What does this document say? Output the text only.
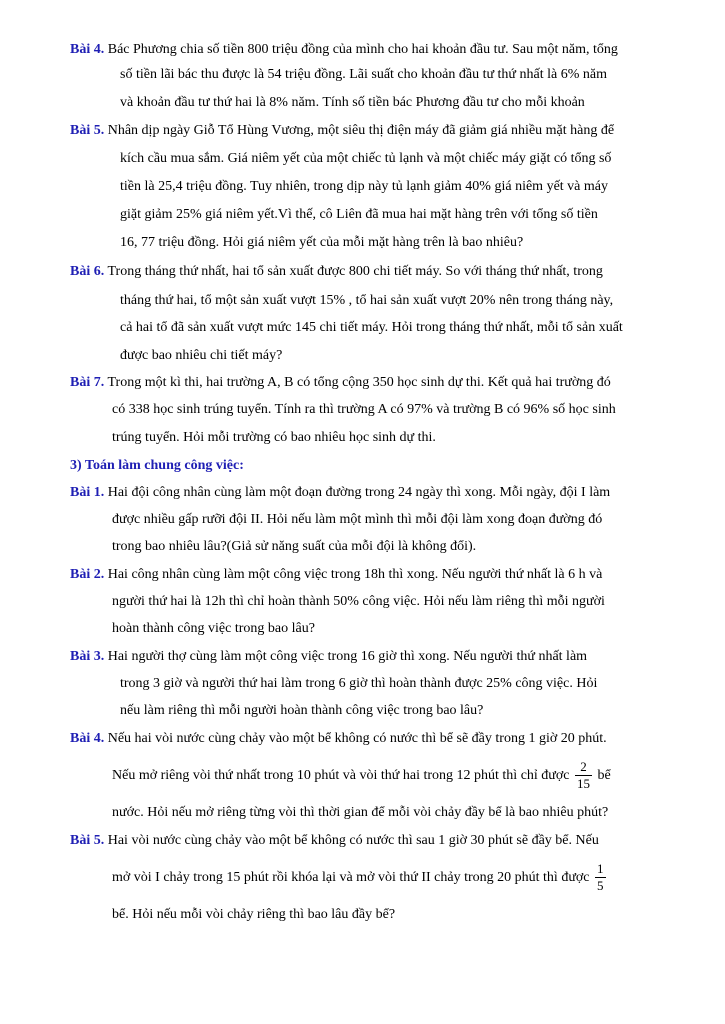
Bài 4. Bác Phương chia số tiền 800 triệu đồng của mình cho hai khoản đầu tư. Sau một năm, tổng
số tiền lãi bác thu được là 54 triệu đồng. Lãi suất cho khoản đầu tư thứ nhất là 6% năm
và khoản đầu tư thứ hai là 8% năm. Tính số tiền bác Phương đầu tư cho mỗi khoản
Bài 5. Nhân dịp ngày Giỗ Tổ Hùng Vương, một siêu thị điện máy đã giảm giá nhiều mặt hàng để
kích cầu mua sắm. Giá niêm yết của một chiếc tủ lạnh và một chiếc máy giặt có tổng số
tiền là 25,4 triệu đồng. Tuy nhiên, trong dịp này tủ lạnh giảm 40% giá niêm yết và máy
giặt giảm 25% giá niêm yết.Vì thế, cô Liên đã mua hai mặt hàng trên với tổng số tiền
16, 77 triệu đồng. Hỏi giá niêm yết của mỗi mặt hàng trên là bao nhiêu?
Bài 6. Trong tháng thứ nhất, hai tổ sản xuất được 800 chi tiết máy. So với tháng thứ nhất, trong
tháng thứ hai, tổ một sản xuất vượt 15% , tổ hai sản xuất vượt 20% nên trong tháng này,
cả hai tổ đã sản xuất vượt mức 145 chi tiết máy. Hỏi trong tháng thứ nhất, mỗi tổ sản xuất
được bao nhiêu chi tiết máy?
Bài 7. Trong một kì thi, hai trường A, B có tổng cộng 350 học sinh dự thi. Kết quả hai trường đó
có 338 học sinh trúng tuyển. Tính ra thì trường A có 97% và trường B có 96% số học sinh
trúng tuyển. Hỏi mỗi trường có bao nhiêu học sinh dự thi.
3) Toán làm chung công việc:
Bài 1. Hai đội công nhân cùng làm một đoạn đường trong 24 ngày thì xong. Mỗi ngày, đội I làm
được nhiều gấp rưỡi đội II. Hỏi nếu làm một mình thì mỗi đội làm xong đoạn đường đó
trong bao nhiêu lâu?(Giả sử năng suất của mỗi đội là không đổi).
Bài 2. Hai công nhân cùng làm một công việc trong 18h thì xong. Nếu người thứ nhất là 6 h và
người thứ hai là 12h thì chỉ hoàn thành 50% công việc. Hỏi nếu làm riêng thì mỗi người
hoàn thành công việc trong bao lâu?
Bài 3. Hai người thợ cùng làm một công việc trong 16 giờ thì xong. Nếu người thứ nhất làm
trong 3 giờ và người thứ hai làm trong 6 giờ thì hoàn thành được 25% công việc. Hỏi
nếu làm riêng thì mỗi người hoàn thành công việc trong bao lâu?
Bài 4. Nếu hai vòi nước cùng chảy vào một bể không có nước thì bể sẽ đầy trong 1 giờ 20 phút.
Nếu mở riêng vòi thứ nhất trong 10 phút và vòi thứ hai trong 12 phút thì chỉ được $\frac{2}{15}$ bể
nước. Hỏi nếu mở riêng từng vòi thì thời gian để mỗi vòi chảy đầy bể là bao nhiêu phút?
Bài 5. Hai vòi nước cùng chảy vào một bể không có nước thì sau 1 giờ 30 phút sẽ đầy bể. Nếu
mở vòi I chảy trong 15 phút rồi khóa lại và mở vòi thứ II chảy trong 20 phút thì được $\frac{1}{5}$
bể. Hỏi nếu mỗi vòi chảy riêng thì bao lâu đầy bể?
